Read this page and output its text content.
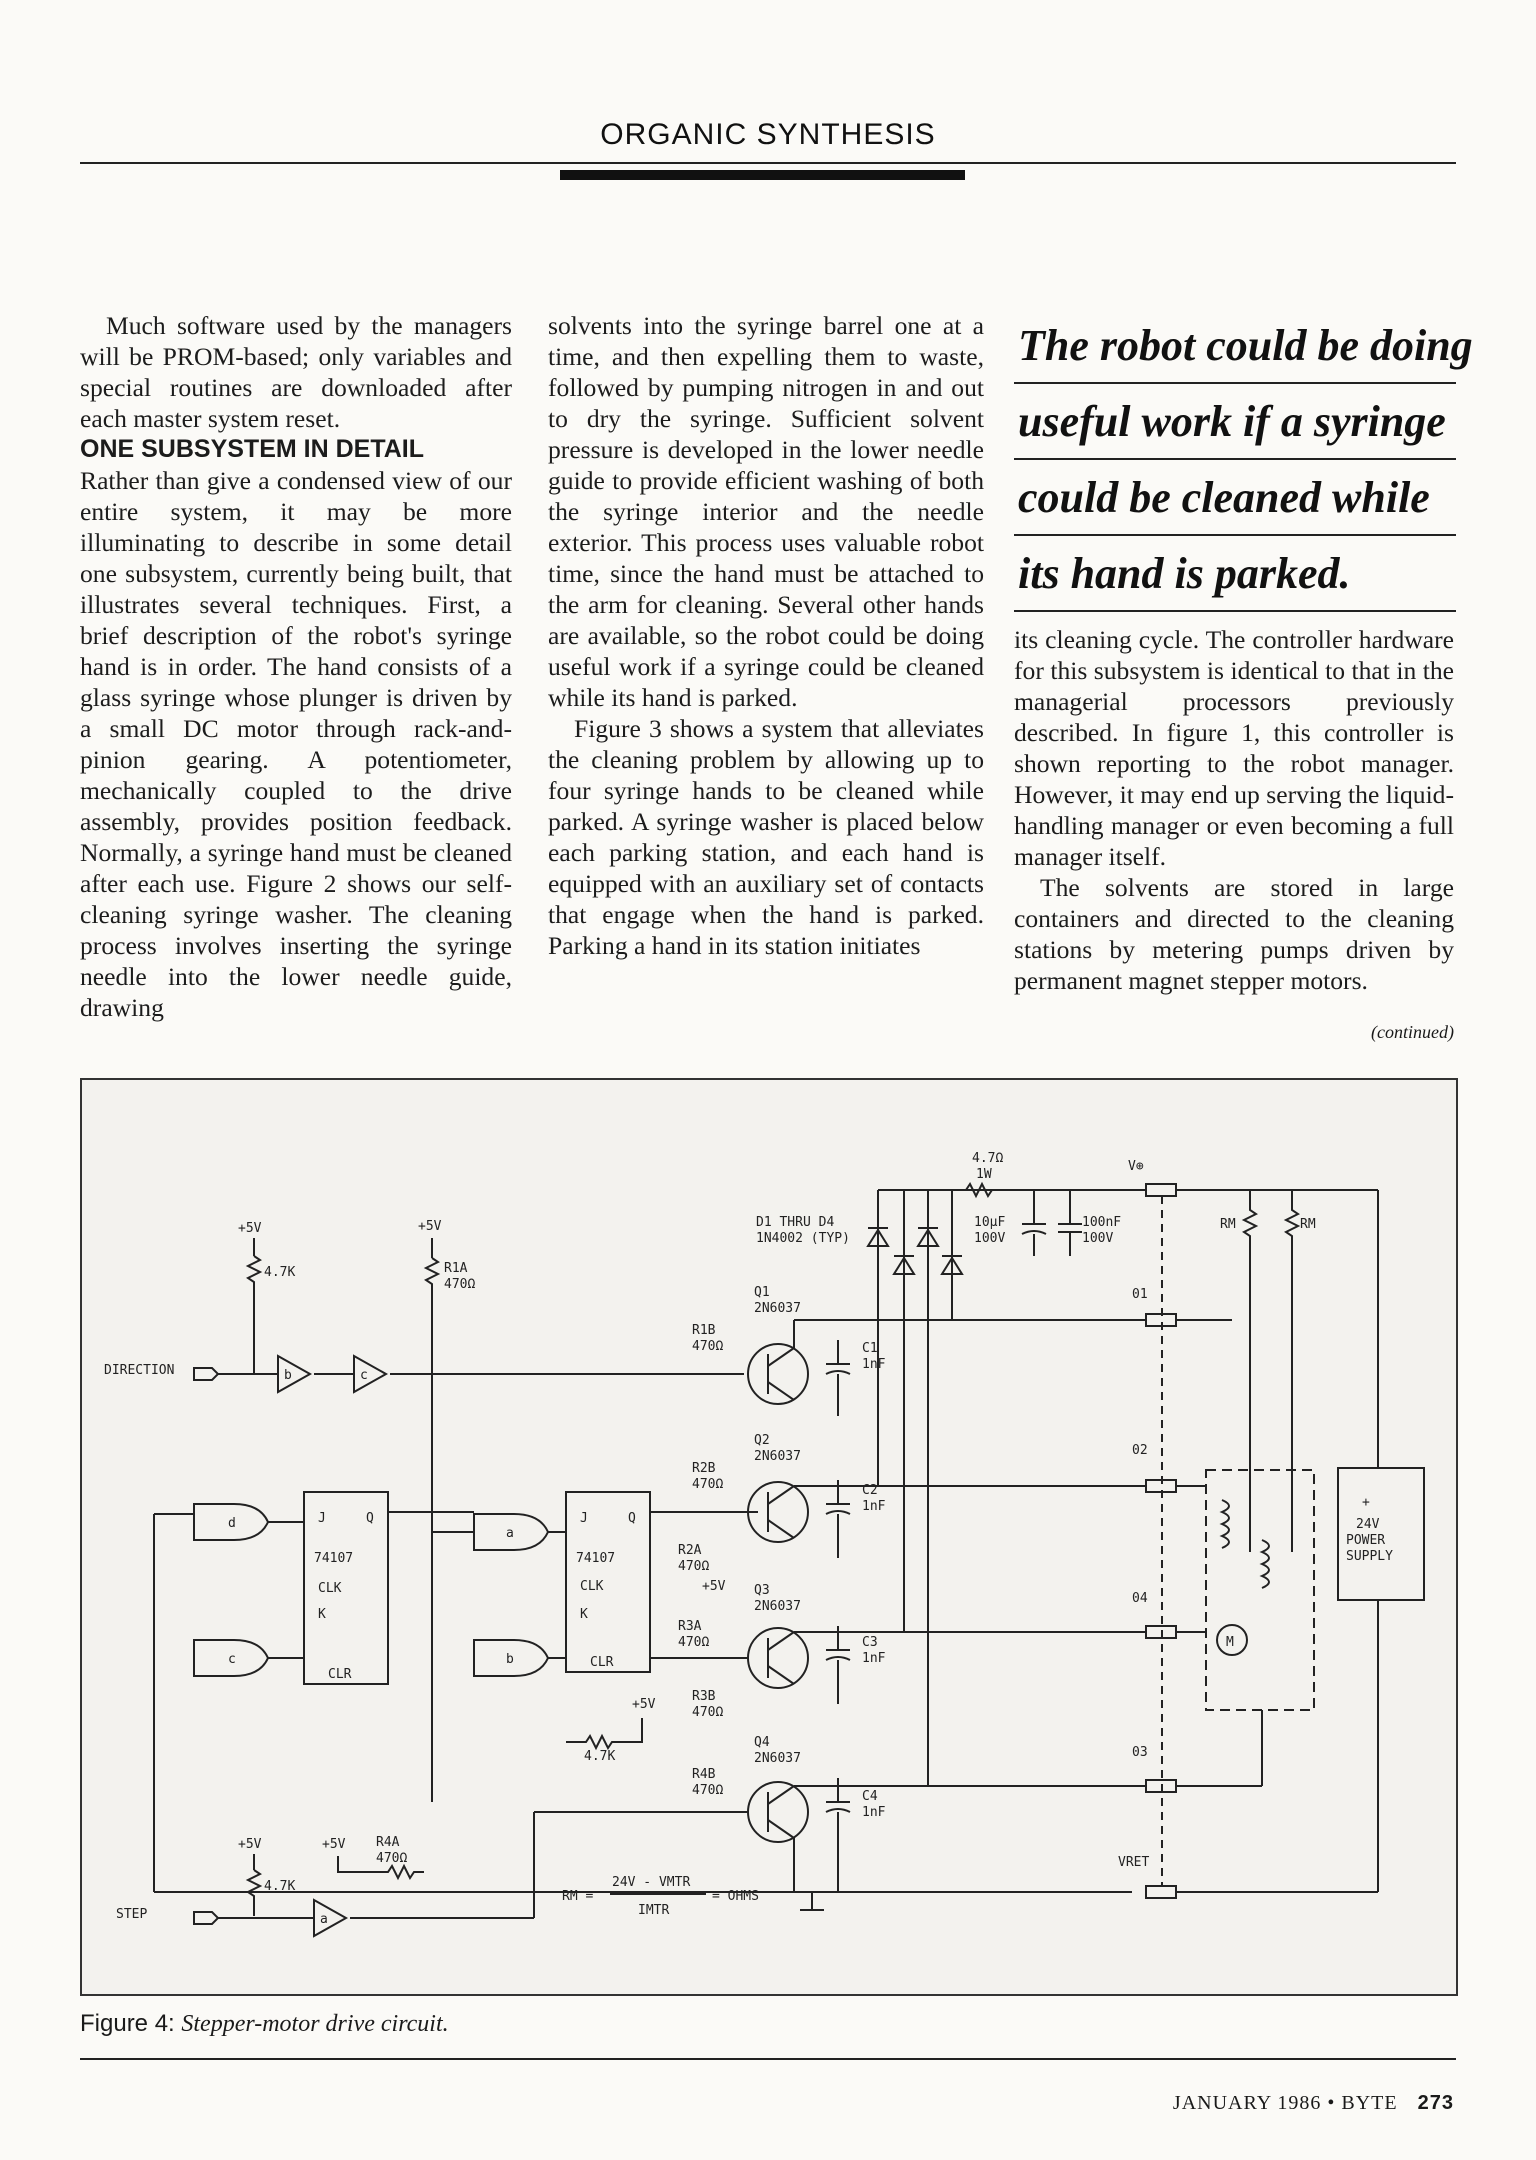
ORGANIC SYNTHESIS

Much software used by the managers will be PROM-based; only variables and special routines are downloaded after each master system reset.

ONE SUBSYSTEM IN DETAIL

Rather than give a condensed view of our entire system, it may be more illuminating to describe in some detail one subsystem, currently being built, that illustrates several techniques. First, a brief description of the robot's syringe hand is in order. The hand consists of a glass syringe whose plunger is driven by a small DC motor through rack-and-pinion gearing. A potentiometer, mechanically coupled to the drive assembly, provides position feedback. Normally, a syringe hand must be cleaned after each use. Figure 2 shows our self-cleaning syringe washer. The cleaning process involves inserting the syringe needle into the lower needle guide, drawing

solvents into the syringe barrel one at a time, and then expelling them to waste, followed by pumping nitrogen in and out to dry the syringe. Sufficient solvent pressure is developed in the lower needle guide to provide efficient washing of both the syringe interior and the needle exterior. This process uses valuable robot time, since the hand must be attached to the arm for cleaning. Several other hands are available, so the robot could be doing useful work if a syringe could be cleaned while its hand is parked.

Figure 3 shows a system that alleviates the cleaning problem by allowing up to four syringe hands to be cleaned while parked. A syringe washer is placed below each parking station, and each hand is equipped with an auxiliary set of contacts that engage when the hand is parked. Parking a hand in its station initiates

The robot could be doing
useful work if a syringe
could be cleaned while
its hand is parked.

its cleaning cycle. The controller hardware for this subsystem is identical to that in the managerial processors previously described. In figure 1, this controller is shown reporting to the robot manager. However, it may end up serving the liquid-handling manager or even becoming a full manager itself.

The solvents are stored in large containers and directed to the cleaning stations by metering pumps driven by permanent magnet stepper motors.

(continued)
DIRECTION
+5V
4.7K
b	c
+5V
R1A
470Ω
J	Q
K
74107
CLK
CLR
d
c
J	Q
K
74107
CLK
CLR
a
b
4.7K
+5V
STEP	a
+5V
4.7K
+5V R4A
470Ω
Q1
2N6037
Q2
2N6037
Q3
2N6037
Q4
2N6037
R1B
470Ω
R2B
470Ω
R2A
470Ω
+5V
R3A
470Ω
R3B
470Ω
R4B
470Ω
C1
1nF
C2
1nF
C3
1nF
C4
1nF
D1 THRU D4
1N4002 (TYP)
4.7Ω
1W
10μF
100V
100nF
100V
V⊕
01
02
04
03
VRET
RM	RM
M
+
24V
POWER
SUPPLY
RM =
24V - VMTR
IMTR
= OHMS
Figure 4: Stepper-motor drive circuit.
JANUARY 1986 • BYTE 273
